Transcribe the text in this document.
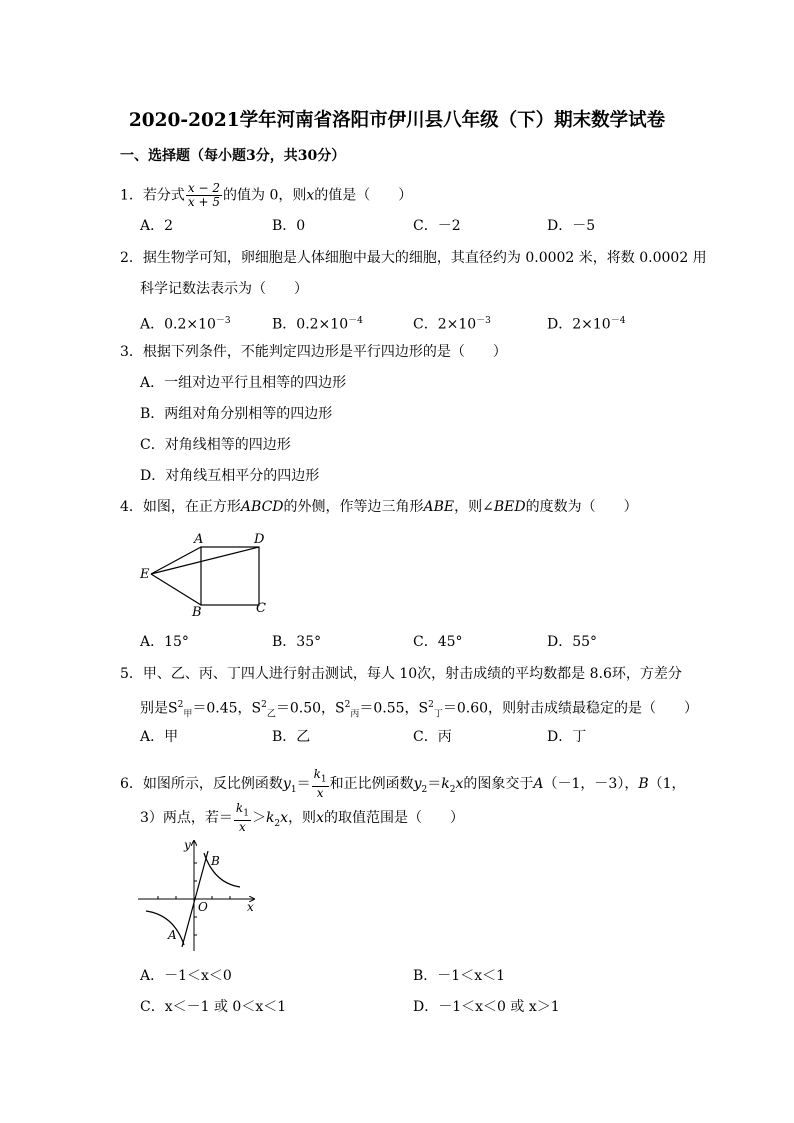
2020-2021学年河南省洛阳市伊川县八年级（下）期末数学试卷
一、选择题（每小题3分，共30分）
1．若分式 $\frac{x - 2}{x + 5}$ 的值为 0，则x的值是（　　）
A．2	B．0	C．－2	D．－5
2．据生物学可知，卵细胞是人体细胞中最大的细胞，其直径约为 0.0002 米，将数 0.0002 用
科学记数法表示为（　　）
A．$0.2\times 10^{-3}$	B．$0.2\times 10^{-4}$	C．$2\times 10^{-3}$	D．$2\times 10^{-4}$
3．根据下列条件，不能判定四边形是平行四边形的是（　　）
A．一组对边平行且相等的四边形
B．两组对角分别相等的四边形
C．对角线相等的四边形
D．对角线互相平分的四边形
4．如图，在正方形ABCD的外侧，作等边三角形ABE，则∠BED的度数为（　　）
A	D
E
B	C
A．15°	B．35°	C．45°	D．55°
5．甲、乙、丙、丁四人进行射击测试，每人 10次，射击成绩的平均数都是 8.6环，方差分
别是$S^2_甲=0.45$，$S^2_乙=0.50$，$S^2_丙=0.55$，$S^2_丁=0.60$，则射击成绩最稳定的是（　　）
A．甲	B．乙	C．丙	D．丁
6．如图所示，反比例函数$y_1= \frac{k_1}{x}$ 和正比例函数$y_2=k_2x$的图象交于A（－1，－3），B（1，
3）两点，若＝ $\frac{k_1}{x} >k_2x$，则x的取值范围是（　　）
y
x
O
B
A
A．－1＜x＜0	B．－1＜x＜1
C．x＜－1 或 0＜x＜1	D．－1＜x＜0 或 x＞1
